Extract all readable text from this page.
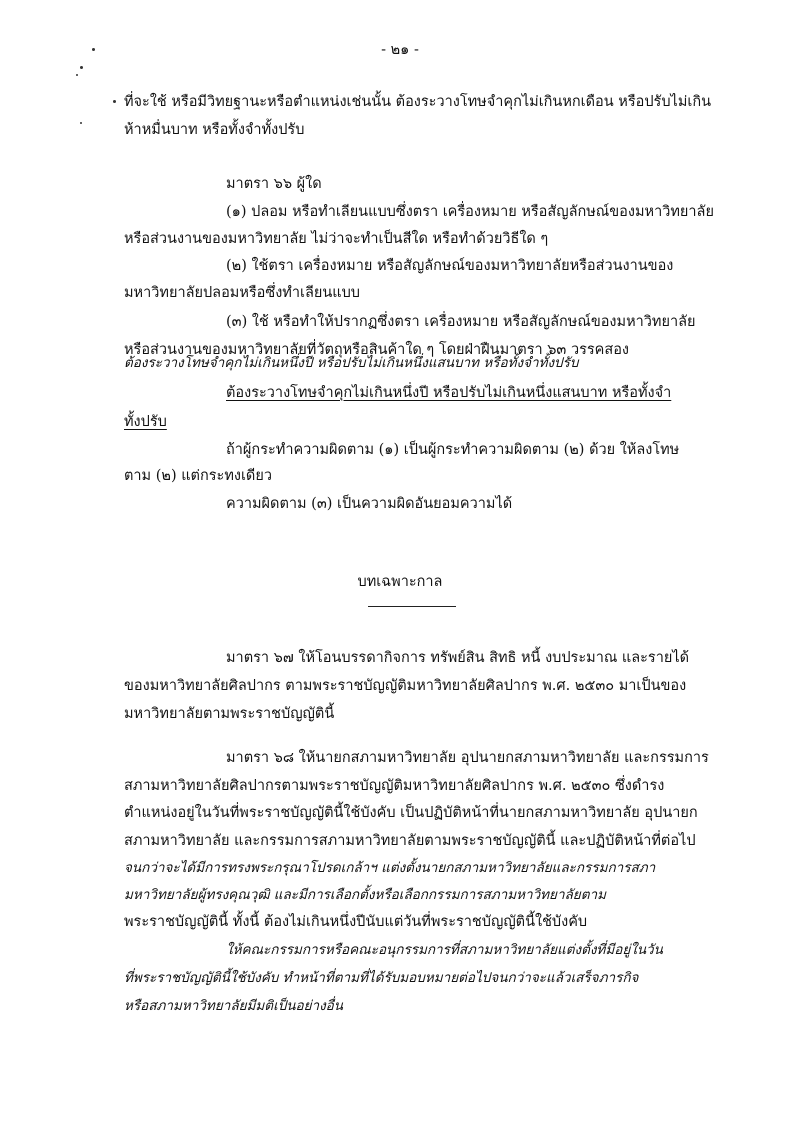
- ๒๑ -
ที่จะใช้ หรือมีวิทยฐานะหรือตำแหน่งเช่นนั้น ต้องระวางโทษจำคุกไม่เกินหกเดือน หรือปรับไม่เกิน
ห้าหมื่นบาท หรือทั้งจำทั้งปรับ
มาตรา ๖๖ ผู้ใด
(๑) ปลอม หรือทำเลียนแบบซึ่งตรา เครื่องหมาย หรือสัญลักษณ์ของมหาวิทยาลัย
หรือส่วนงานของมหาวิทยาลัย ไม่ว่าจะทำเป็นสีใด หรือทำด้วยวิธีใด ๆ
(๒) ใช้ตรา เครื่องหมาย หรือสัญลักษณ์ของมหาวิทยาลัยหรือส่วนงานของ
มหาวิทยาลัยปลอมหรือซึ่งทำเลียนแบบ
(๓) ใช้ หรือทำให้ปรากฏซึ่งตรา เครื่องหมาย หรือสัญลักษณ์ของมหาวิทยาลัย
หรือส่วนงานของมหาวิทยาลัยที่วัตถุหรือสินค้าใด ๆ โดยฝ่าฝืนมาตรา ๖๓ วรรคสอง
ต้องระวางโทษจำคุกไม่เกินหนึ่งปี หรือปรับไม่เกินหนึ่งแสนบาท หรือทั้งจำทั้งปรับ
ต้องระวางโทษจำคุกไม่เกินหนึ่งปี หรือปรับไม่เกินหนึ่งแสนบาท หรือทั้งจำ
ทั้งปรับ
ถ้าผู้กระทำความผิดตาม (๑) เป็นผู้กระทำความผิดตาม (๒) ด้วย ให้ลงโทษ
ตาม (๒) แต่กระทงเดียว
ความผิดตาม (๓) เป็นความผิดอันยอมความได้
บทเฉพาะกาล
มาตรา ๖๗ ให้โอนบรรดากิจการ ทรัพย์สิน สิทธิ หนี้ งบประมาณ และรายได้
ของมหาวิทยาลัยศิลปากร ตามพระราชบัญญัติมหาวิทยาลัยศิลปากร พ.ศ. ๒๕๓๐ มาเป็นของ
มหาวิทยาลัยตามพระราชบัญญัตินี้
มาตรา ๖๘ ให้นายกสภามหาวิทยาลัย อุปนายกสภามหาวิทยาลัย และกรรมการ
สภามหาวิทยาลัยศิลปากรตามพระราชบัญญัติมหาวิทยาลัยศิลปากร พ.ศ. ๒๕๓๐ ซึ่งดำรง
ตำแหน่งอยู่ในวันที่พระราชบัญญัตินี้ใช้บังคับ เป็นปฏิบัติหน้าที่นายกสภามหาวิทยาลัย อุปนายก
สภามหาวิทยาลัย และกรรมการสภามหาวิทยาลัยตามพระราชบัญญัตินี้ และปฏิบัติหน้าที่ต่อไป
จนกว่าจะได้มีการทรงพระกรุณาโปรดเกล้าฯ แต่งตั้งนายกสภามหาวิทยาลัยและกรรมการสภา
มหาวิทยาลัยผู้ทรงคุณวุฒิ และมีการเลือกตั้งหรือเลือกกรรมการสภามหาวิทยาลัยตาม
พระราชบัญญัตินี้ ทั้งนี้ ต้องไม่เกินหนึ่งปีนับแต่วันที่พระราชบัญญัตินี้ใช้บังคับ
ให้คณะกรรมการหรือคณะอนุกรรมการที่สภามหาวิทยาลัยแต่งตั้งที่มีอยู่ในวัน
ที่พระราชบัญญัตินี้ใช้บังคับ ทำหน้าที่ตามที่ได้รับมอบหมายต่อไปจนกว่าจะแล้วเสร็จภารกิจ
หรือสภามหาวิทยาลัยมีมติเป็นอย่างอื่น
